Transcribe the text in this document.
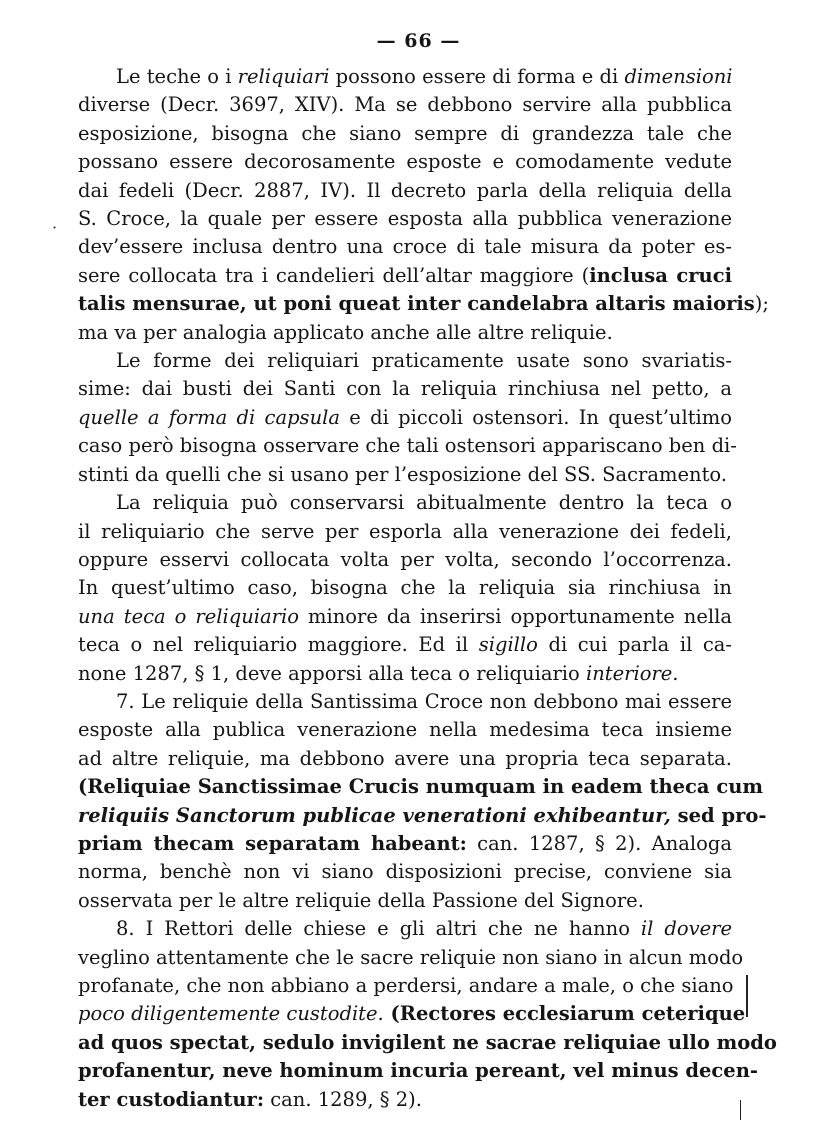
— 66 —
Le teche o i reliquiari possono essere di forma e di dimensioni
diverse (Decr. 3697, XIV). Ma se debbono servire alla pubblica
esposizione, bisogna che siano sempre di grandezza tale che
possano essere decorosamente esposte e comodamente vedute
dai fedeli (Decr. 2887, IV). Il decreto parla della reliquia della
S. Croce, la quale per essere esposta alla pubblica venerazione
dev’essere inclusa dentro una croce di tale misura da poter es-
sere collocata tra i candelieri dell’altar maggiore (inclusa cruci
talis mensurae, ut poni queat inter candelabra altaris maioris);
ma va per analogia applicato anche alle altre reliquie.
Le forme dei reliquiari praticamente usate sono svariatis-
sime: dai busti dei Santi con la reliquia rinchiusa nel petto, a
quelle a forma di capsula e di piccoli ostensori. In quest’ultimo
caso però bisogna osservare che tali ostensori appariscano ben di-
stinti da quelli che si usano per l’esposizione del SS. Sacramento.
La reliquia può conservarsi abitualmente dentro la teca o
il reliquiario che serve per esporla alla venerazione dei fedeli,
oppure esservi collocata volta per volta, secondo l’occorrenza.
In quest’ultimo caso, bisogna che la reliquia sia rinchiusa in
una teca o reliquiario minore da inserirsi opportunamente nella
teca o nel reliquiario maggiore. Ed il sigillo di cui parla il ca-
none 1287, § 1, deve apporsi alla teca o reliquiario interiore.
7. Le reliquie della Santissima Croce non debbono mai essere
esposte alla publica venerazione nella medesima teca insieme
ad altre reliquie, ma debbono avere una propria teca separata.
(Reliquiae Sanctissimae Crucis numquam in eadem theca cum
reliquiis Sanctorum publicae venerationi exhibeantur, sed pro-
priam thecam separatam habeant: can. 1287, § 2). Analoga
norma, benchè non vi siano disposizioni precise, conviene sia
osservata per le altre reliquie della Passione del Signore.
8. I Rettori delle chiese e gli altri che ne hanno il dovere
veglino attentamente che le sacre reliquie non siano in alcun modo
profanate, che non abbiano a perdersi, andare a male, o che siano
poco diligentemente custodite. (Rectores ecclesiarum ceterique
ad quos spectat, sedulo invigilent ne sacrae reliquiae ullo modo
profanentur, neve hominum incuria pereant, vel minus decen-
ter custodiantur: can. 1289, § 2).
·
